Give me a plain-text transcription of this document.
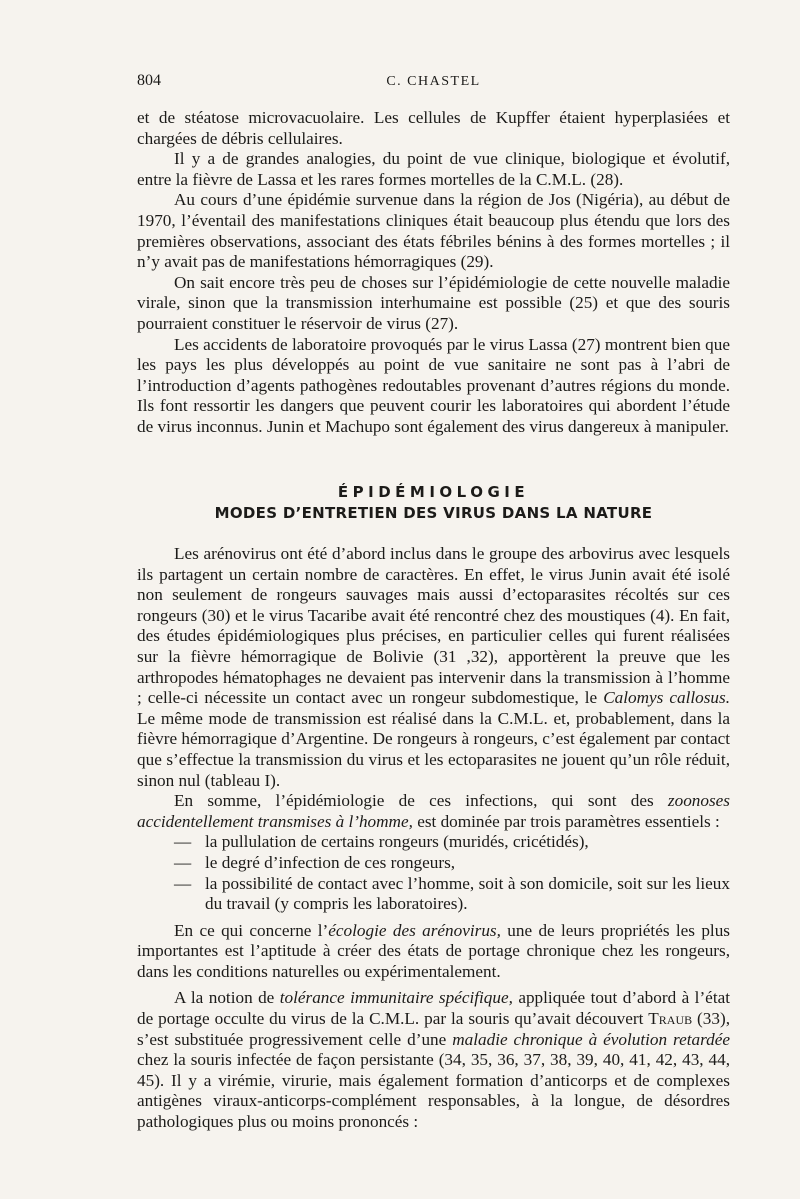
804	C. CHASTEL

et de stéatose microvacuolaire. Les cellules de Kupffer étaient hyperplasiées et chargées de débris cellulaires.

Il y a de grandes analogies, du point de vue clinique, biologique et évolutif, entre la fièvre de Lassa et les rares formes mortelles de la C.M.L. (28).

Au cours d’une épidémie survenue dans la région de Jos (Nigéria), au début de 1970, l’éventail des manifestations cliniques était beaucoup plus étendu que lors des premières observations, associant des états fébriles bénins à des formes mortelles ; il n’y avait pas de manifestations hémorragiques (29).

On sait encore très peu de choses sur l’épidémiologie de cette nouvelle maladie virale, sinon que la transmission interhumaine est possible (25) et que des souris pourraient constituer le réservoir de virus (27).

Les accidents de laboratoire provoqués par le virus Lassa (27) montrent bien que les pays les plus développés au point de vue sanitaire ne sont pas à l’abri de l’introduction d’agents pathogènes redoutables provenant d’autres régions du monde. Ils font ressortir les dangers que peuvent courir les laboratoires qui abordent l’étude de virus inconnus. Junin et Machupo sont également des virus dangereux à manipuler.

ÉPIDÉMIOLOGIE
MODES D’ENTRETIEN DES VIRUS DANS LA NATURE

Les arénovirus ont été d’abord inclus dans le groupe des arbovirus avec lesquels ils partagent un certain nombre de caractères. En effet, le virus Junin avait été isolé non seulement de rongeurs sauvages mais aussi d’ectoparasites récoltés sur ces rongeurs (30) et le virus Tacaribe avait été rencontré chez des moustiques (4). En fait, des études épidémiologiques plus précises, en particulier celles qui furent réalisées sur la fièvre hémorragique de Bolivie (31 ,32), apportèrent la preuve que les arthropodes hématophages ne devaient pas intervenir dans la transmission à l’homme ; celle-ci nécessite un contact avec un rongeur subdomestique, le Calomys callosus. Le même mode de transmission est réalisé dans la C.M.L. et, probablement, dans la fièvre hémorragique d’Argentine. De rongeurs à rongeurs, c’est également par contact que s’effectue la transmission du virus et les ectoparasites ne jouent qu’un rôle réduit, sinon nul (tableau I).

En somme, l’épidémiologie de ces infections, qui sont des zoonoses accidentellement transmises à l’homme, est dominée par trois paramètres essentiels :

— la pullulation de certains rongeurs (muridés, cricétidés),
— le degré d’infection de ces rongeurs,
— la possibilité de contact avec l’homme, soit à son domicile, soit sur les lieux du travail (y compris les laboratoires).

En ce qui concerne l’écologie des arénovirus, une de leurs propriétés les plus importantes est l’aptitude à créer des états de portage chronique chez les rongeurs, dans les conditions naturelles ou expérimentalement.

A la notion de tolérance immunitaire spécifique, appliquée tout d’abord à l’état de portage occulte du virus de la C.M.L. par la souris qu’avait découvert Traub (33), s’est substituée progressivement celle d’une maladie chronique à évolution retardée chez la souris infectée de façon persistante (34, 35, 36, 37, 38, 39, 40, 41, 42, 43, 44, 45). Il y a virémie, virurie, mais également formation d’anticorps et de complexes antigènes viraux-anticorps-complément responsables, à la longue, de désordres pathologiques plus ou moins prononcés :
